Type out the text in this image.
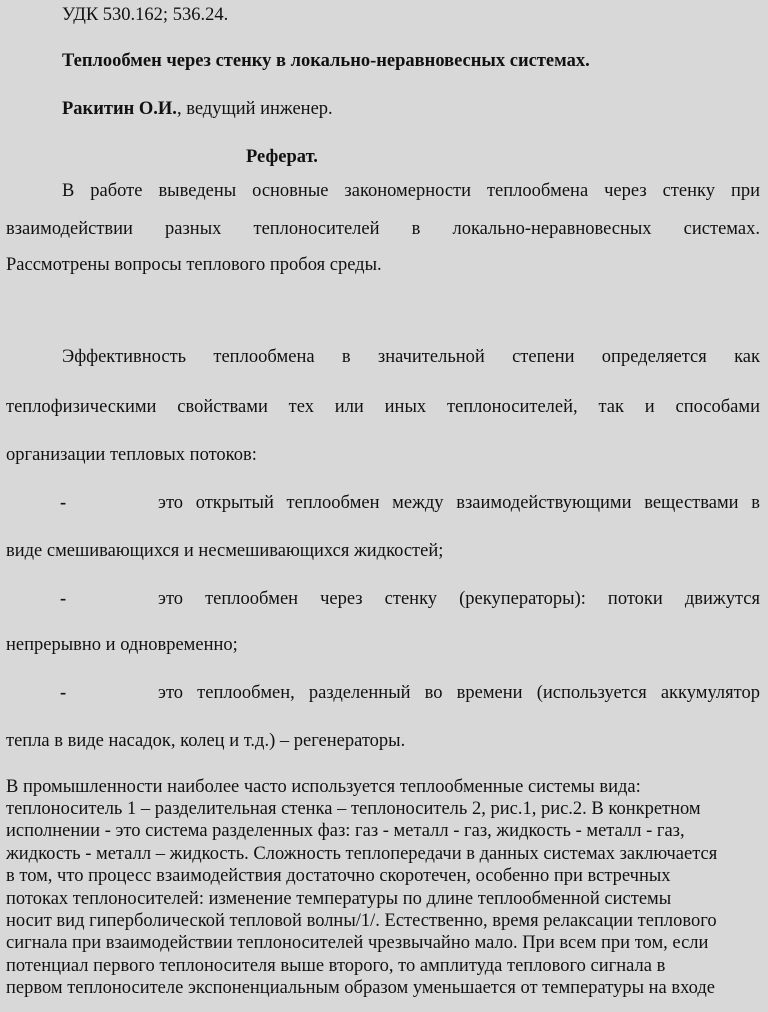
УДК 530.162; 536.24.
Теплообмен через стенку в локально-неравновесных системах.
Ракитин О.И., ведущий инженер.
Реферат.
В работе выведены основные закономерности теплообмена через стенку при
взаимодействии разных теплоносителей в локально-неравновесных системах.
Рассмотрены вопросы теплового пробоя среды.
Эффективность теплообмена в значительной степени определяется как
теплофизическими свойствами тех или иных теплоносителей, так и способами
организации тепловых потоков:
-	это открытый теплообмен между взаимодействующими веществами в
виде смешивающихся и несмешивающихся жидкостей;
-	это теплообмен через стенку (рекуператоры): потоки движутся
непрерывно и одновременно;
-	это теплообмен, разделенный во времени (используется аккумулятор
тепла в виде насадок, колец и т.д.) – регенераторы.
В промышленности наиболее часто используется теплообменные системы вида:
теплоноситель 1 – разделительная стенка – теплоноситель 2, рис.1, рис.2. В конкретном
исполнении - это система разделенных фаз: газ - металл - газ, жидкость - металл - газ,
жидкость - металл – жидкость. Сложность теплопередачи в данных системах заключается
в том, что процесс взаимодействия достаточно скоротечен, особенно при встречных
потоках теплоносителей: изменение температуры по длине теплообменной системы
носит вид гиперболической тепловой волны/1/. Естественно, время релаксации теплового
сигнала при взаимодействии теплоносителей чрезвычайно мало. При всем при том, если
потенциал первого теплоносителя выше второго, то амплитуда теплового сигнала в
первом теплоносителе экспоненциальным образом уменьшается от температуры на входе
